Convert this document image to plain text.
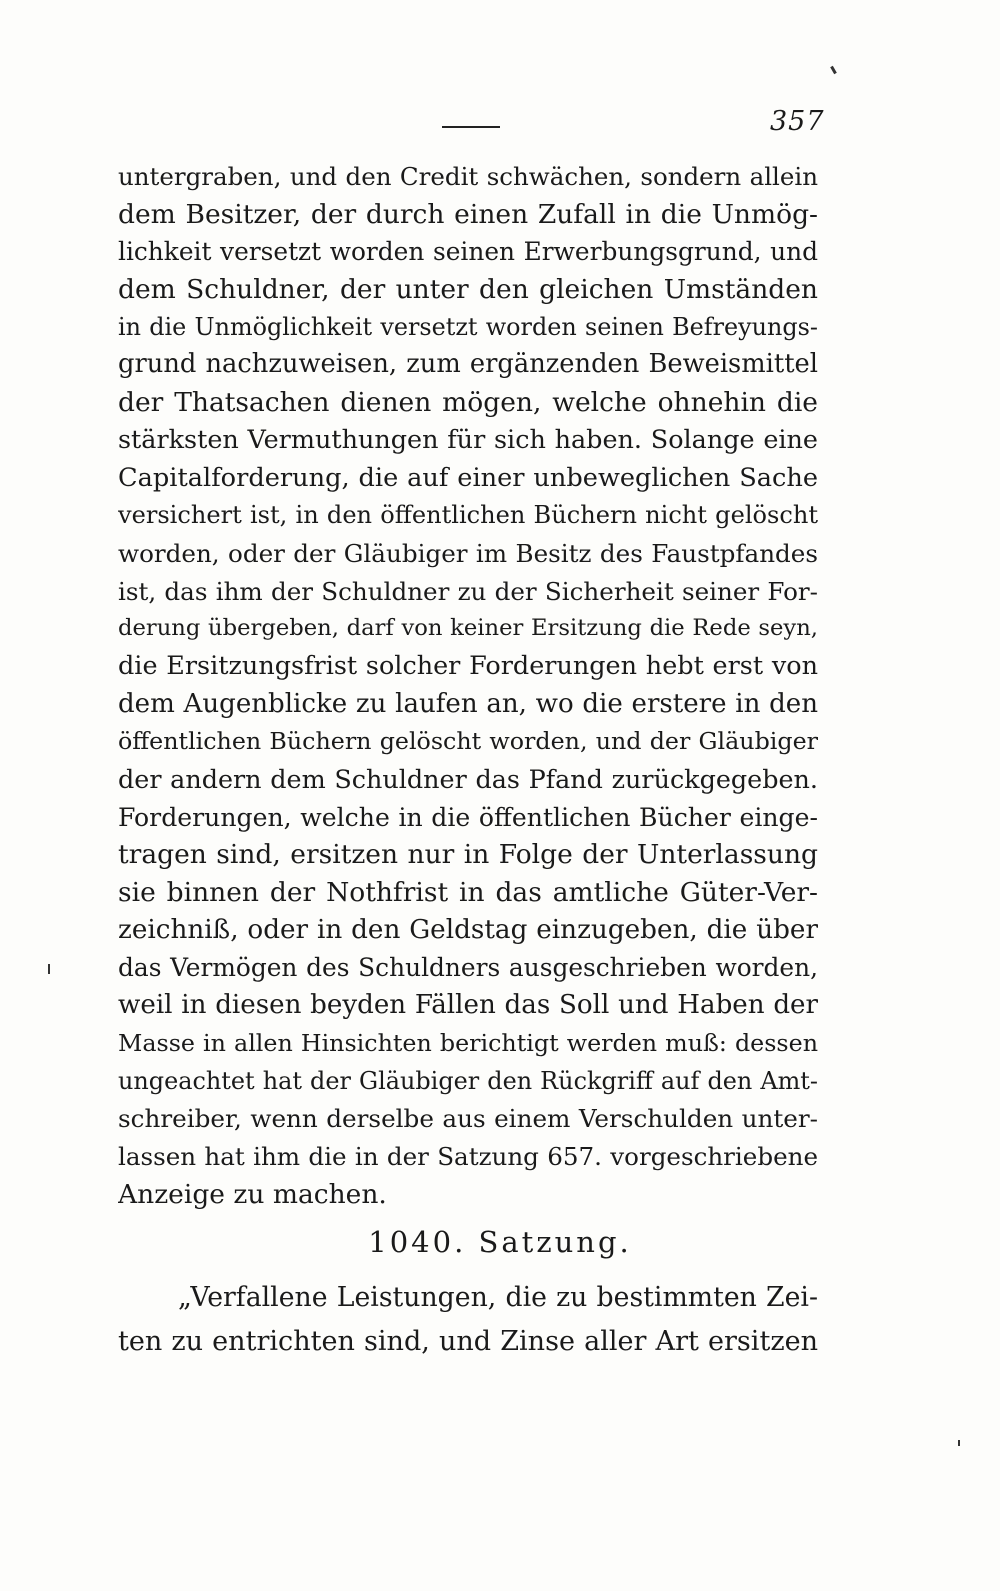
357
untergraben, und den Credit schwächen, sondern allein
dem Besitzer, der durch einen Zufall in die Unmög-
lichkeit versetzt worden seinen Erwerbungsgrund, und
dem Schuldner, der unter den gleichen Umständen
in die Unmöglichkeit versetzt worden seinen Befreyungs-
grund nachzuweisen, zum ergänzenden Beweismittel
der Thatsachen dienen mögen, welche ohnehin die
stärksten Vermuthungen für sich haben. Solange eine
Capitalforderung, die auf einer unbeweglichen Sache
versichert ist, in den öffentlichen Büchern nicht gelöscht
worden, oder der Gläubiger im Besitz des Faustpfandes
ist, das ihm der Schuldner zu der Sicherheit seiner For-
derung übergeben, darf von keiner Ersitzung die Rede seyn,
die Ersitzungsfrist solcher Forderungen hebt erst von
dem Augenblicke zu laufen an, wo die erstere in den
öffentlichen Büchern gelöscht worden, und der Gläubiger
der andern dem Schuldner das Pfand zurückgegeben.
Forderungen, welche in die öffentlichen Bücher einge-
tragen sind, ersitzen nur in Folge der Unterlassung
sie binnen der Nothfrist in das amtliche Güter-Ver-
zeichniß, oder in den Geldstag einzugeben, die über
das Vermögen des Schuldners ausgeschrieben worden,
weil in diesen beyden Fällen das Soll und Haben der
Masse in allen Hinsichten berichtigt werden muß: dessen
ungeachtet hat der Gläubiger den Rückgriff auf den Amt-
schreiber, wenn derselbe aus einem Verschulden unter-
lassen hat ihm die in der Satzung 657. vorgeschriebene
Anzeige zu machen.
1040. Satzung.
„Verfallene Leistungen, die zu bestimmten Zei-
ten zu entrichten sind, und Zinse aller Art ersitzen
